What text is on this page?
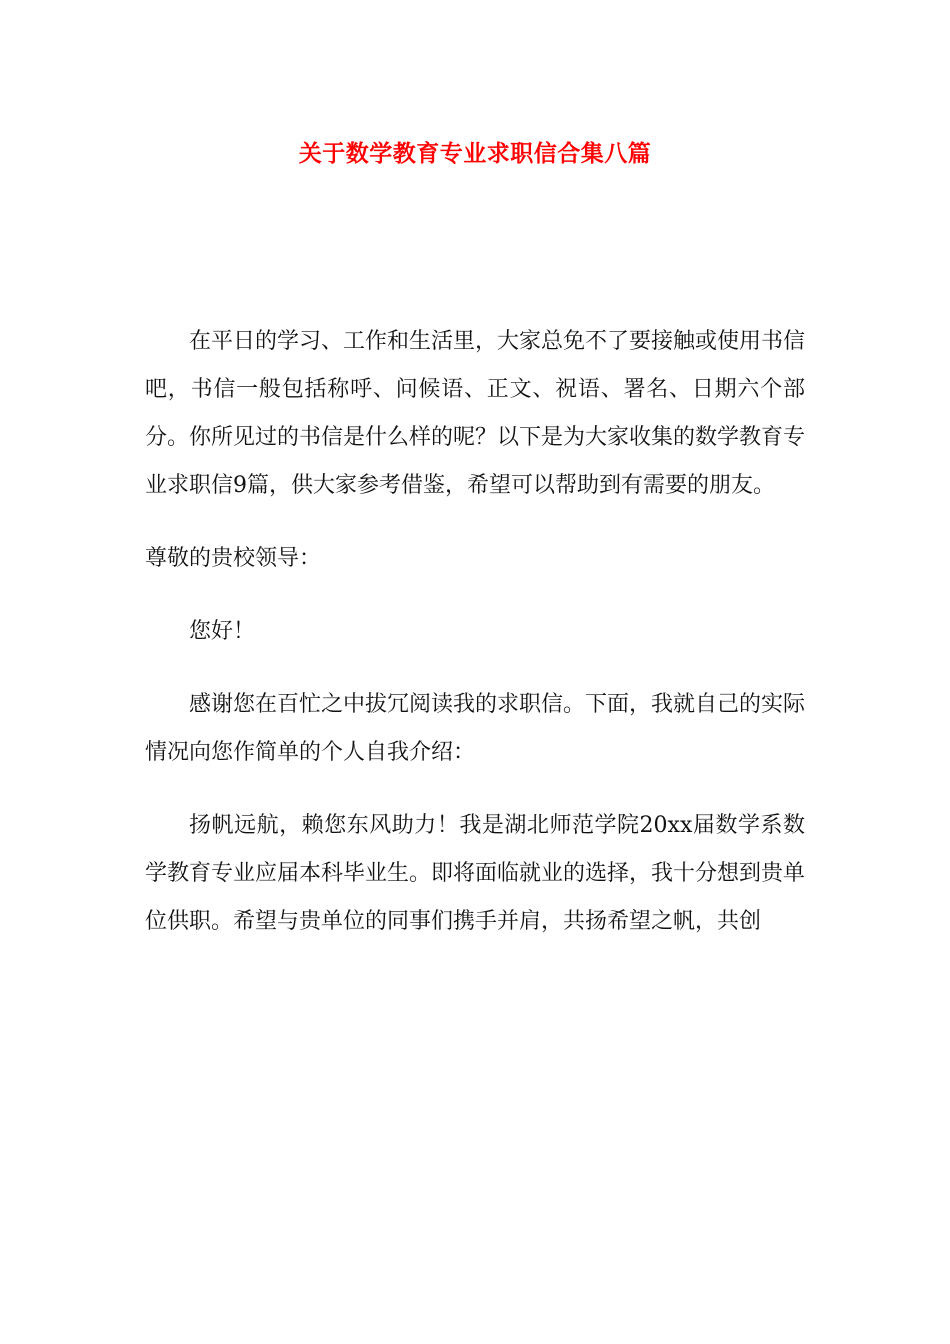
关于数学教育专业求职信合集八篇

在平日的学习、工作和生活里，大家总免不了要接触或使用书信吧，书信一般包括称呼、问候语、正文、祝语、署名、日期六个部分。你所见过的书信是什么样的呢？以下是为大家收集的数学教育专业求职信9篇，供大家参考借鉴，希望可以帮助到有需要的朋友。

尊敬的贵校领导：

您好！

感谢您在百忙之中拔冗阅读我的求职信。下面，我就自己的实际情况向您作简单的个人自我介绍：

扬帆远航，赖您东风助力！我是湖北师范学院20xx届数学系数学教育专业应届本科毕业生。即将面临就业的选择，我十分想到贵单位供职。希望与贵单位的同事们携手并肩，共扬希望之帆，共创
